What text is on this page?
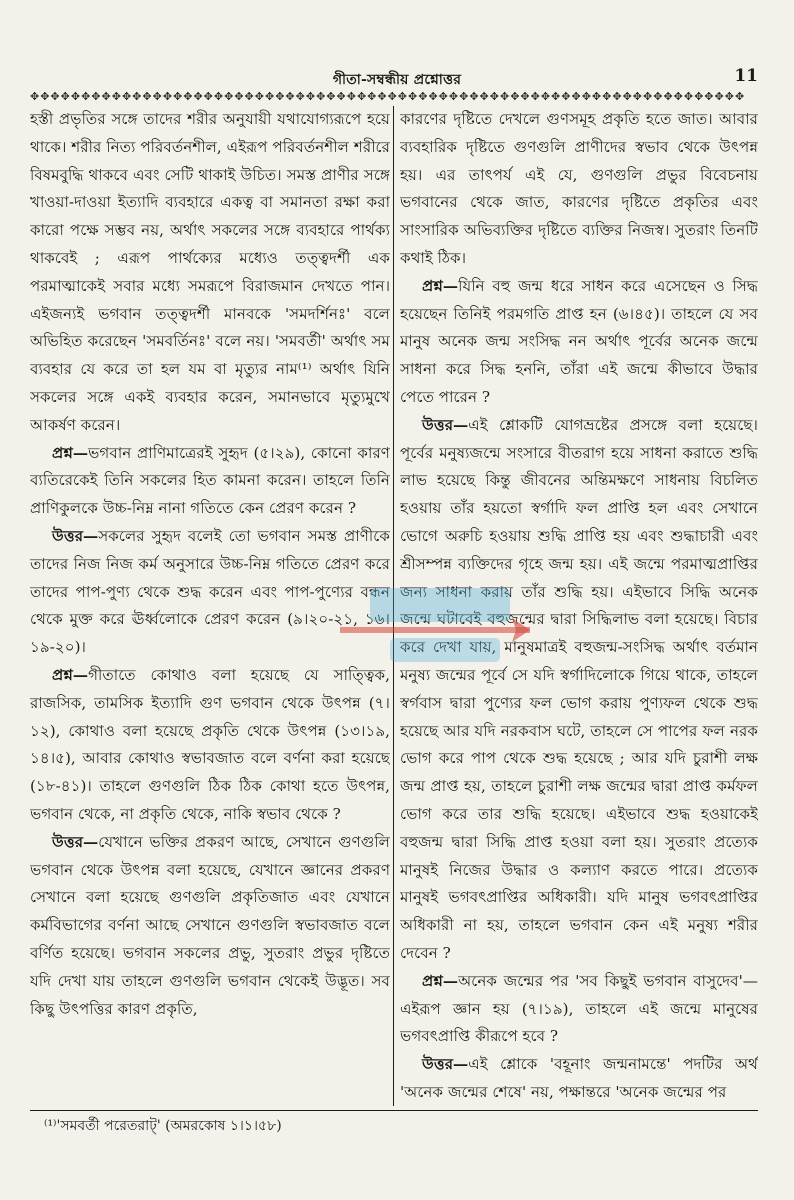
গীতা-সম্বন্ধীয় প্রশ্নোত্তর	11
✥✥✥✥✥✥✥✥✥✥✥✥✥✥✥✥✥✥✥✥✥✥✥✥✥✥✥✥✥✥✥✥✥✥✥✥✥✥✥✥✥✥✥✥✥✥✥✥✥✥✥✥✥✥✥✥✥✥✥✥✥✥✥✥✥✥✥✥✥✥

হস্তী প্রভৃতির সঙ্গে তাদের শরীর অনুযায়ী যথাযোগ্যরূপে হয়ে থাকে। শরীর নিত্য পরিবর্তনশীল, এইরূপ পরিবর্তনশীল শরীরে বিষমবুদ্ধি থাকবে এবং সেটি থাকাই উচিত। সমস্ত প্রাণীর সঙ্গে খাওয়া-দাওয়া ইত্যাদি ব্যবহারে একত্ব বা সমানতা রক্ষা করা কারো পক্ষে সম্ভব নয়, অর্থাৎ সকলের সঙ্গে ব্যবহারে পার্থক্য থাকবেই ; এরূপ পার্থক্যের মধ্যেও তত্ত্বদর্শী এক পরমাত্মাকেই সবার মধ্যে সমরূপে বিরাজমান দেখতে পান। এইজন্যই ভগবান তত্ত্বদর্শী মানবকে 'সমদর্শিনঃ' বলে অভিহিত করেছেন 'সমবর্তিনঃ' বলে নয়। 'সমবর্তী' অর্থাৎ সম ব্যবহার যে করে তা হল যম বা মৃত্যুর নাম⁽¹⁾ অর্থাৎ যিনি সকলের সঙ্গে একই ব্যবহার করেন, সমানভাবে মৃত্যুমুখে আকর্ষণ করেন।

প্রশ্ন—ভগবান প্রাণিমাত্রেরই সুহৃদ (৫।২৯), কোনো কারণ ব্যতিরেকেই তিনি সকলের হিত কামনা করেন। তাহলে তিনি প্রাণিকুলকে উচ্চ-নিম্ন নানা গতিতে কেন প্রেরণ করেন ?

উত্তর—সকলের সুহৃদ বলেই তো ভগবান সমস্ত প্রাণীকে তাদের নিজ নিজ কর্ম অনুসারে উচ্চ-নিম্ন গতিতে প্রেরণ করে তাদের পাপ-পুণ্য থেকে শুদ্ধ করেন এবং পাপ-পুণ্যের বন্ধন থেকে মুক্ত করে ঊর্ধ্বলোকে প্রেরণ করেন (৯।২০-২১, ১৬।১৯-২০)।

প্রশ্ন—গীতাতে কোথাও বলা হয়েছে যে সাত্ত্বিক, রাজসিক, তামসিক ইত্যাদি গুণ ভগবান থেকে উৎপন্ন (৭।১২), কোথাও বলা হয়েছে প্রকৃতি থেকে উৎপন্ন (১৩।১৯, ১৪।৫), আবার কোথাও স্বভাবজাত বলে বর্ণনা করা হয়েছে (১৮-৪১)। তাহলে গুণগুলি ঠিক ঠিক কোথা হতে উৎপন্ন, ভগবান থেকে, না প্রকৃতি থেকে, নাকি স্বভাব থেকে ?

উত্তর—যেখানে ভক্তির প্রকরণ আছে, সেখানে গুণগুলি ভগবান থেকে উৎপন্ন বলা হয়েছে, যেখানে জ্ঞানের প্রকরণ সেখানে বলা হয়েছে গুণগুলি প্রকৃতিজাত এবং যেখানে কর্মবিভাগের বর্ণনা আছে সেখানে গুণগুলি স্বভাবজাত বলে বর্ণিত হয়েছে। ভগবান সকলের প্রভু, সুতরাং প্রভুর দৃষ্টিতে যদি দেখা যায় তাহলে গুণগুলি ভগবান থেকেই উদ্ভূত। সব কিছু উৎপত্তির কারণ প্রকৃতি,

কারণের দৃষ্টিতে দেখলে গুণসমূহ প্রকৃতি হতে জাত। আবার ব্যবহারিক দৃষ্টিতে গুণগুলি প্রাণীদের স্বভাব থেকে উৎপন্ন হয়। এর তাৎপর্য এই যে, গুণগুলি প্রভুর বিবেচনায় ভগবানের থেকে জাত, কারণের দৃষ্টিতে প্রকৃতির এবং সাংসারিক অভিব্যক্তির দৃষ্টিতে ব্যক্তির নিজস্ব। সুতরাং তিনটি কথাই ঠিক।

প্রশ্ন—যিনি বহু জন্ম ধরে সাধন করে এসেছেন ও সিদ্ধ হয়েছেন তিনিই পরমগতি প্রাপ্ত হন (৬।৪৫)। তাহলে যে সব মানুষ অনেক জন্ম সংসিদ্ধ নন অর্থাৎ পূর্বের অনেক জন্মে সাধনা করে সিদ্ধ হননি, তাঁরা এই জন্মে কীভাবে উদ্ধার পেতে পারেন ?

উত্তর—এই শ্লোকটি যোগভ্রষ্টের প্রসঙ্গে বলা হয়েছে। পূর্বের মনুষ্যজন্মে সংসারে বীতরাগ হয়ে সাধনা করাতে শুদ্ধি লাভ হয়েছে কিন্তু জীবনের অন্তিমক্ষণে সাধনায় বিচলিত হওয়ায় তাঁর হয়তো স্বর্গাদি ফল প্রাপ্তি হল এবং সেখানে ভোগে অরুচি হওয়ায় শুদ্ধি প্রাপ্তি হয় এবং শুদ্ধাচারী এবং শ্রীসম্পন্ন ব্যক্তিদের গৃহে জন্ম হয়। এই জন্মে পরমাত্মপ্রাপ্তির জন্য সাধনা করায় তাঁর শুদ্ধি হয়। এইভাবে সিদ্ধি অনেক জন্মে ঘটাবেই বহুজন্মের দ্বারা সিদ্ধিলাভ বলা হয়েছে। বিচার করে দেখা যায়, মানুষমাত্রই বহুজন্ম-সংসিদ্ধ অর্থাৎ বর্তমান মনুষ্য জন্মের পূর্বে সে যদি স্বর্গাদিলোকে গিয়ে থাকে, তাহলে স্বর্গবাস দ্বারা পুণ্যের ফল ভোগ করায় পুণ্যফল থেকে শুদ্ধ হয়েছে আর যদি নরকবাস ঘটে, তাহলে সে পাপের ফল নরক ভোগ করে পাপ থেকে শুদ্ধ হয়েছে ; আর যদি চুরাশী লক্ষ জন্ম প্রাপ্ত হয়, তাহলে চুরাশী লক্ষ জন্মের দ্বারা প্রাপ্ত কর্মফল ভোগ করে তার শুদ্ধি হয়েছে। এইভাবে শুদ্ধ হওয়াকেই বহুজন্ম দ্বারা সিদ্ধি প্রাপ্ত হওয়া বলা হয়। সুতরাং প্রত্যেক মানুষই নিজের উদ্ধার ও কল্যাণ করতে পারে। প্রত্যেক মানুষই ভগবৎপ্রাপ্তির অধিকারী। যদি মানুষ ভগবৎপ্রাপ্তির অধিকারী না হয়, তাহলে ভগবান কেন এই মনুষ্য শরীর দেবেন ?

প্রশ্ন—অনেক জন্মের পর 'সব কিছুই ভগবান বাসুদেব'—এইরূপ জ্ঞান হয় (৭।১৯), তাহলে এই জন্মে মানুষের ভগবৎপ্রাপ্তি কীরূপে হবে ?

উত্তর—এই শ্লোকে 'বহূনাং জন্মনামন্তে' পদটির অর্থ 'অনেক জন্মের শেষে' নয়, পক্ষান্তরে 'অনেক জন্মের পর

⁽¹⁾'সমবর্তী পরেতরাট্' (অমরকোষ ১।১।৫৮)
